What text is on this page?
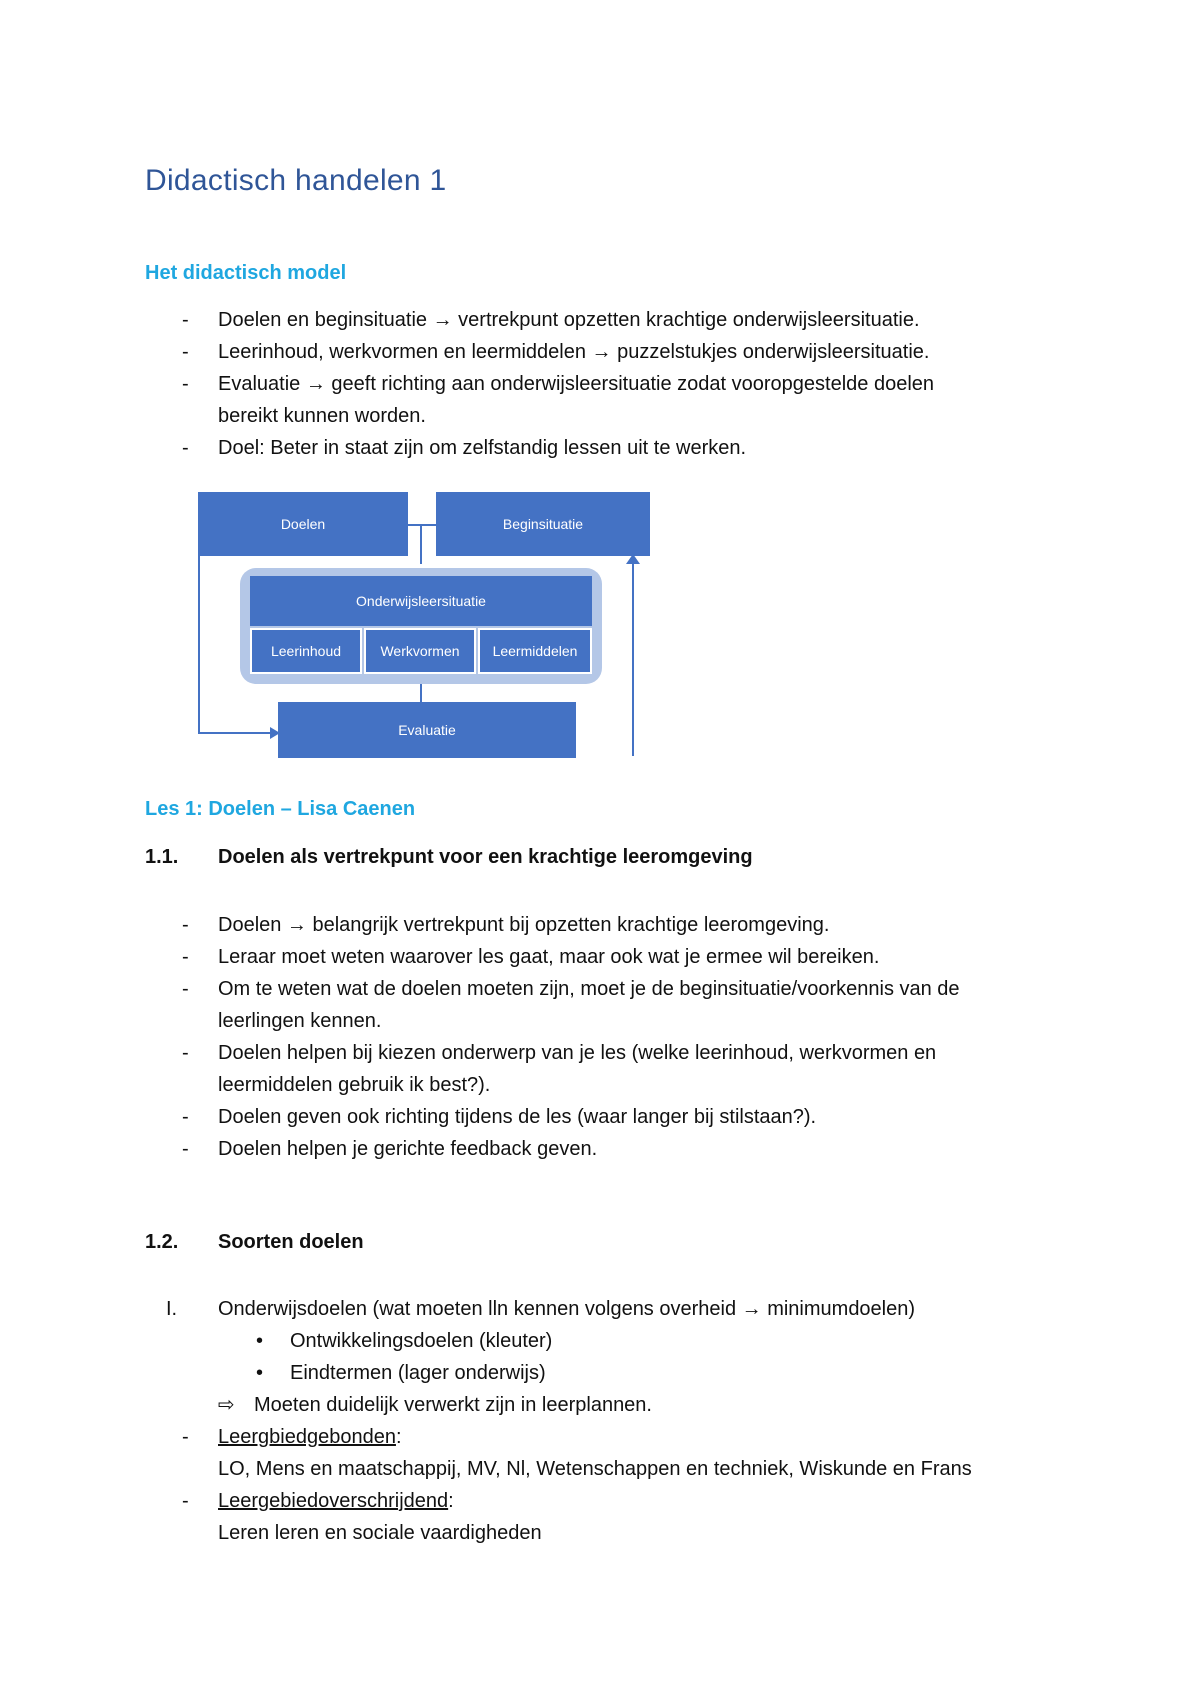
Didactisch handelen 1
Het didactisch model
- Doelen en beginsituatie → vertrekpunt opzetten krachtige onderwijsleersituatie.
- Leerinhoud, werkvormen en leermiddelen → puzzelstukjes onderwijsleersituatie.
- Evaluatie → geeft richting aan onderwijsleersituatie zodat vooropgestelde doelen
bereikt kunnen worden.
- Doel: Beter in staat zijn om zelfstandig lessen uit te werken.
Doelen	Beginsituatie
Onderwijsleersituatie
Leerinhoud	Werkvormen	Leermiddelen
Evaluatie
Les 1: Doelen – Lisa Caenen
1.1. Doelen als vertrekpunt voor een krachtige leeromgeving
- Doelen → belangrijk vertrekpunt bij opzetten krachtige leeromgeving.
- Leraar moet weten waarover les gaat, maar ook wat je ermee wil bereiken.
- Om te weten wat de doelen moeten zijn, moet je de beginsituatie/voorkennis van de
leerlingen kennen.
- Doelen helpen bij kiezen onderwerp van je les (welke leerinhoud, werkvormen en
leermiddelen gebruik ik best?).
- Doelen geven ook richting tijdens de les (waar langer bij stilstaan?).
- Doelen helpen je gerichte feedback geven.
1.2. Soorten doelen
I. Onderwijsdoelen (wat moeten lln kennen volgens overheid → minimumdoelen)
• Ontwikkelingsdoelen (kleuter)
• Eindtermen (lager onderwijs)
⇨ Moeten duidelijk verwerkt zijn in leerplannen.
- Leergbiedgebonden:
LO, Mens en maatschappij, MV, Nl, Wetenschappen en techniek, Wiskunde en Frans
- Leergebiedoverschrijdend:
Leren leren en sociale vaardigheden
